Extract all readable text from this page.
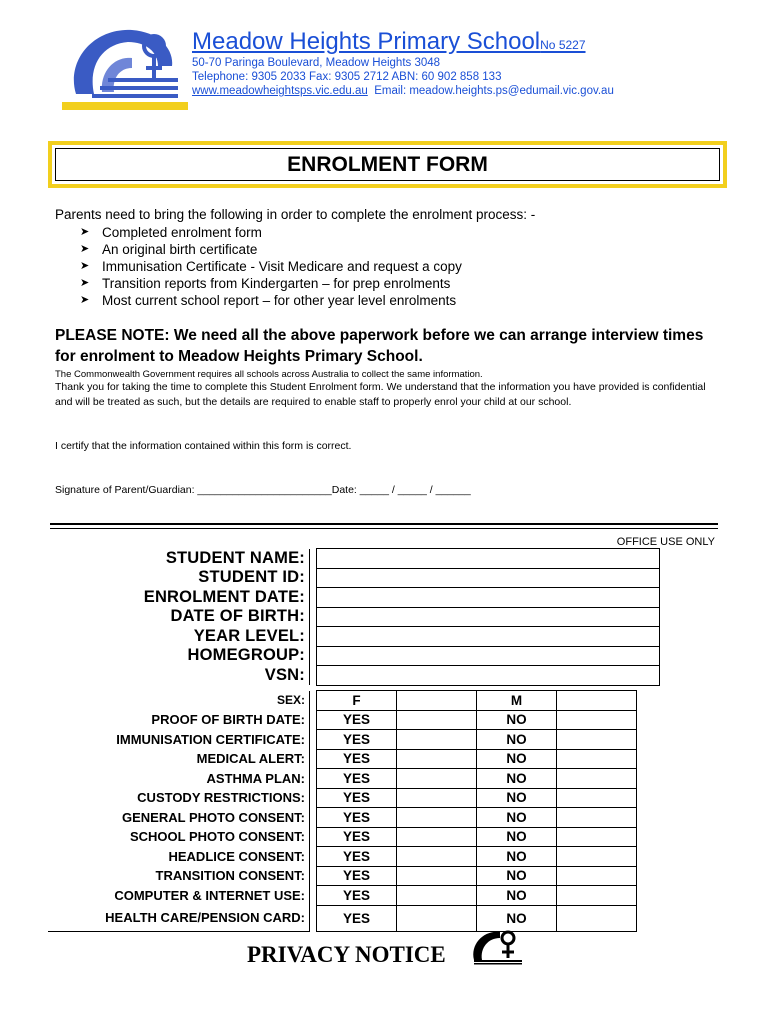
Meadow Heights Primary SchoolNo 5227
50-70 Paringa Boulevard, Meadow Heights 3048
Telephone: 9305 2033 Fax: 9305 2712 ABN: 60 902 858 133
www.meadowheightsps.vic.edu.au Email: meadow.heights.ps@edumail.vic.gov.au
ENROLMENT FORM
Parents need to bring the following in order to complete the enrolment process: -
➤ Completed enrolment form
➤ An original birth certificate
➤ Immunisation Certificate - Visit Medicare and request a copy
➤ Transition reports from Kindergarten – for prep enrolments
➤ Most current school report – for other year level enrolments
PLEASE NOTE: We need all the above paperwork before we can arrange interview times for enrolment to Meadow Heights Primary School.
The Commonwealth Government requires all schools across Australia to collect the same information.
Thank you for taking the time to complete this Student Enrolment form. We understand that the information you have provided is confidential and will be treated as such, but the details are required to enable staff to properly enrol your child at our school.
I certify that the information contained within this form is correct.
Signature of Parent/Guardian: _______________________Date: _____ / _____ / ______
OFFICE USE ONLY
STUDENT NAME:		
STUDENT ID:		
ENROLMENT DATE:		
DATE OF BIRTH:		
YEAR LEVEL:		
HOMEGROUP:		
VSN:		
SEX:		F		M	
PROOF OF BIRTH DATE:		YES		NO	
IMMUNISATION CERTIFICATE:		YES		NO	
MEDICAL ALERT:		YES		NO	
ASTHMA PLAN:		YES		NO	
CUSTODY RESTRICTIONS:		YES		NO	
GENERAL PHOTO CONSENT:		YES		NO	
SCHOOL PHOTO CONSENT:		YES		NO	
HEADLICE CONSENT:		YES		NO	
TRANSITION CONSENT:		YES		NO	
COMPUTER & INTERNET USE:		YES		NO	
HEALTH CARE/PENSION CARD:		YES		NO	
PRIVACY NOTICE
